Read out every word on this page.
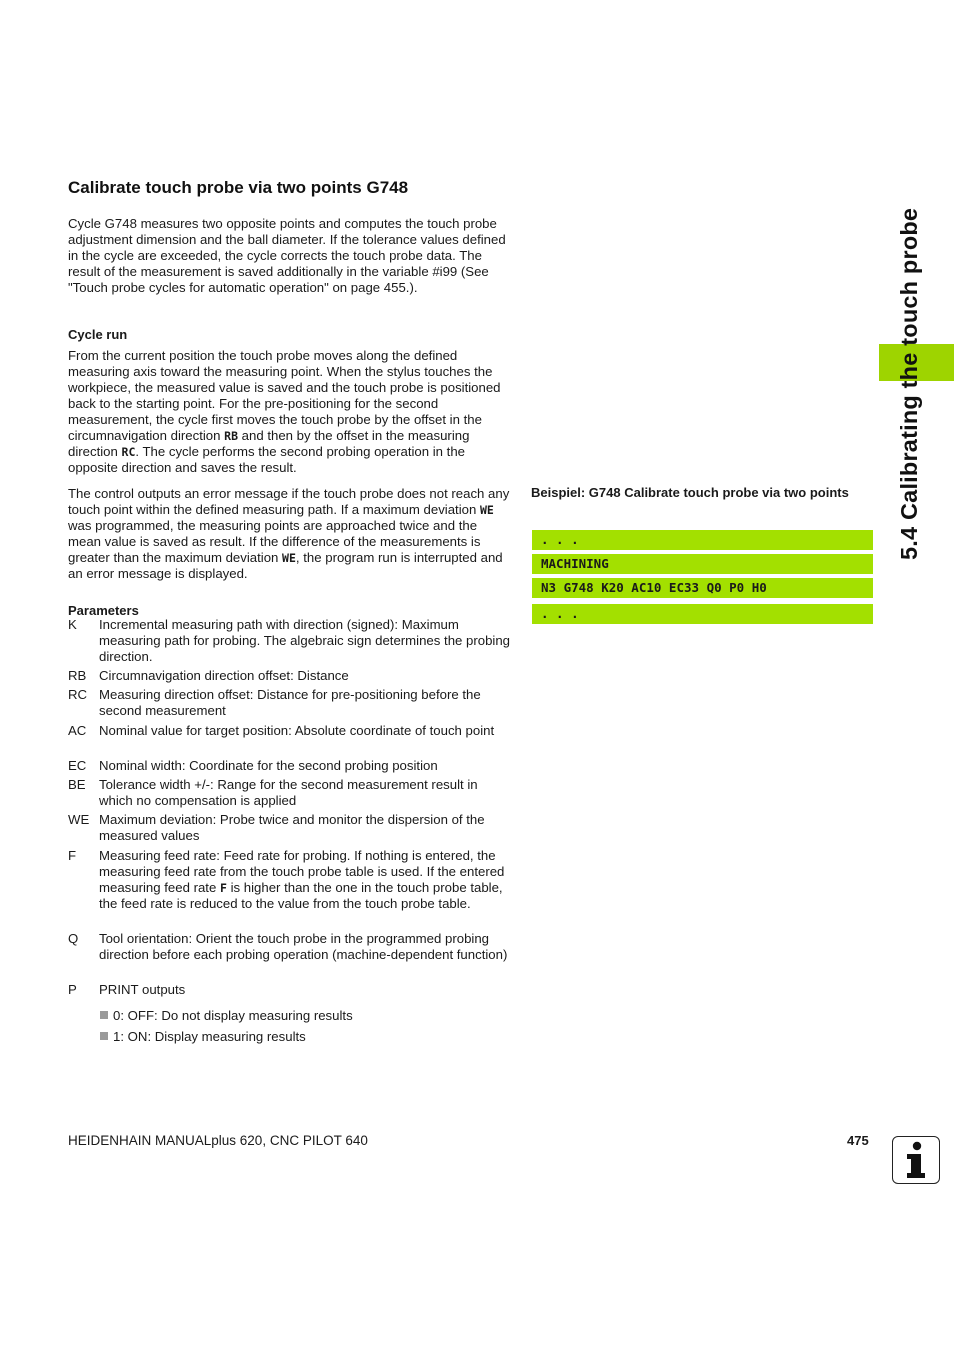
5.4 Calibrating the touch probe
Calibrate touch probe via two points G748

Cycle G748 measures two opposite points and computes the touch probe adjustment dimension and the ball diameter. If the tolerance values defined in the cycle are exceeded, the cycle corrects the touch probe data. The result of the measurement is saved additionally in the variable #i99 (See "Touch probe cycles for automatic operation" on page 455.).

Cycle run

From the current position the touch probe moves along the defined measuring axis toward the measuring point. When the stylus touches the workpiece, the measured value is saved and the touch probe is positioned back to the starting point. For the pre-positioning for the second measurement, the cycle first moves the touch probe by the offset in the circumnavigation direction RB and then by the offset in the measuring direction RC. The cycle performs the second probing operation in the opposite direction and saves the result.

The control outputs an error message if the touch probe does not reach any touch point within the defined measuring path. If a maximum deviation WE was programmed, the measuring points are approached twice and the mean value is saved as result. If the difference of the measurements is greater than the maximum deviation WE, the program run is interrupted and an error message is displayed.

Parameters
K	Incremental measuring path with direction (signed): Maximum measuring path for probing. The algebraic sign determines the probing direction.
RB Circumnavigation direction offset: Distance
RC Measuring direction offset: Distance for pre-positioning before the second measurement
AC Nominal value for target position: Absolute coordinate of touch point
EC Nominal width: Coordinate for the second probing position
BE	Tolerance width +/-: Range for the second measurement result in which no compensation is applied
WE Maximum deviation: Probe twice and monitor the dispersion of the measured values
F	Measuring feed rate: Feed rate for probing. If nothing is entered, the measuring feed rate from the touch probe table is used. If the entered measuring feed rate F is higher than the one in the touch probe table, the feed rate is reduced to the value from the touch probe table.
Q	Tool orientation: Orient the touch probe in the programmed probing direction before each probing operation (machine-dependent function)
P	PRINT outputs
0: OFF: Do not display measuring results
1: ON: Display measuring results
Beispiel: G748 Calibrate touch probe via two points
. . .
MACHINING
N3 G748 K20 AC10 EC33 Q0 P0 H0
. . .
HEIDENHAIN MANUALplus 620, CNC PILOT 640	475
